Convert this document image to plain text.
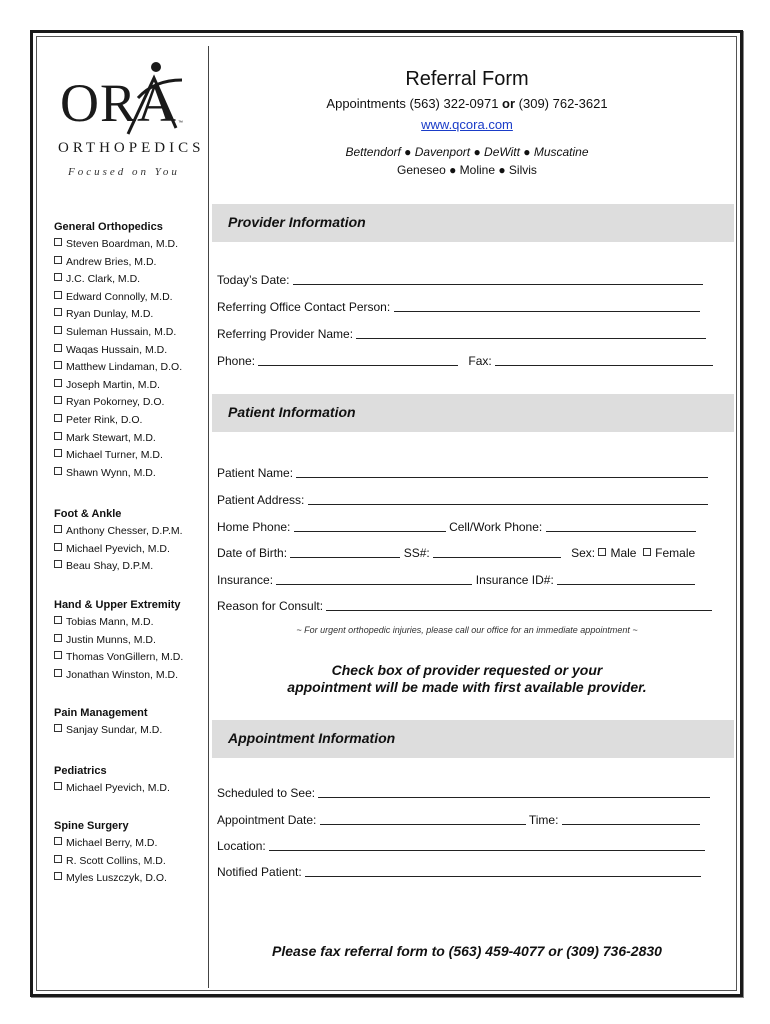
ORA ™
ORTHOPEDICS
Focused on You
Referral Form
Appointments (563) 322-0971 or (309) 762-3621
www.qcora.com
Bettendorf ● Davenport ● DeWitt ● Muscatine
Geneseo ● Moline ● Silvis
General Orthopedics
Steven Boardman, M.D.
Andrew Bries, M.D.
J.C. Clark, M.D.
Edward Connolly, M.D.
Ryan Dunlay, M.D.
Suleman Hussain, M.D.
Waqas Hussain, M.D.
Matthew Lindaman, D.O.
Joseph Martin, M.D.
Ryan Pokorney, D.O.
Peter Rink, D.O.
Mark Stewart, M.D.
Michael Turner, M.D.
Shawn Wynn, M.D.
Foot & Ankle
Anthony Chesser, D.P.M.
Michael Pyevich, M.D.
Beau Shay, D.P.M.
Hand & Upper Extremity
Tobias Mann, M.D.
Justin Munns, M.D.
Thomas VonGillern, M.D.
Jonathan Winston, M.D.
Pain Management
Sanjay Sundar, M.D.
Pediatrics
Michael Pyevich, M.D.
Spine Surgery
Michael Berry, M.D.
R. Scott Collins, M.D.
Myles Luszczyk, D.O.
Provider Information
Today’s Date:
Referring Office Contact Person:
Referring Provider Name:
Phone:	Fax:
Patient Information
Patient Name:
Patient Address:
Home Phone:	Cell/Work Phone:
Date of Birth:	SS#:	Sex: Male Female
Insurance:	Insurance ID#:
Reason for Consult:
~ For urgent orthopedic injuries, please call our office for an immediate appointment ~
Check box of provider requested or your
appointment will be made with first available provider.
Appointment Information
Scheduled to See:
Appointment Date:	Time:
Location:
Notified Patient:
Please fax referral form to (563) 459-4077 or (309) 736-2830
